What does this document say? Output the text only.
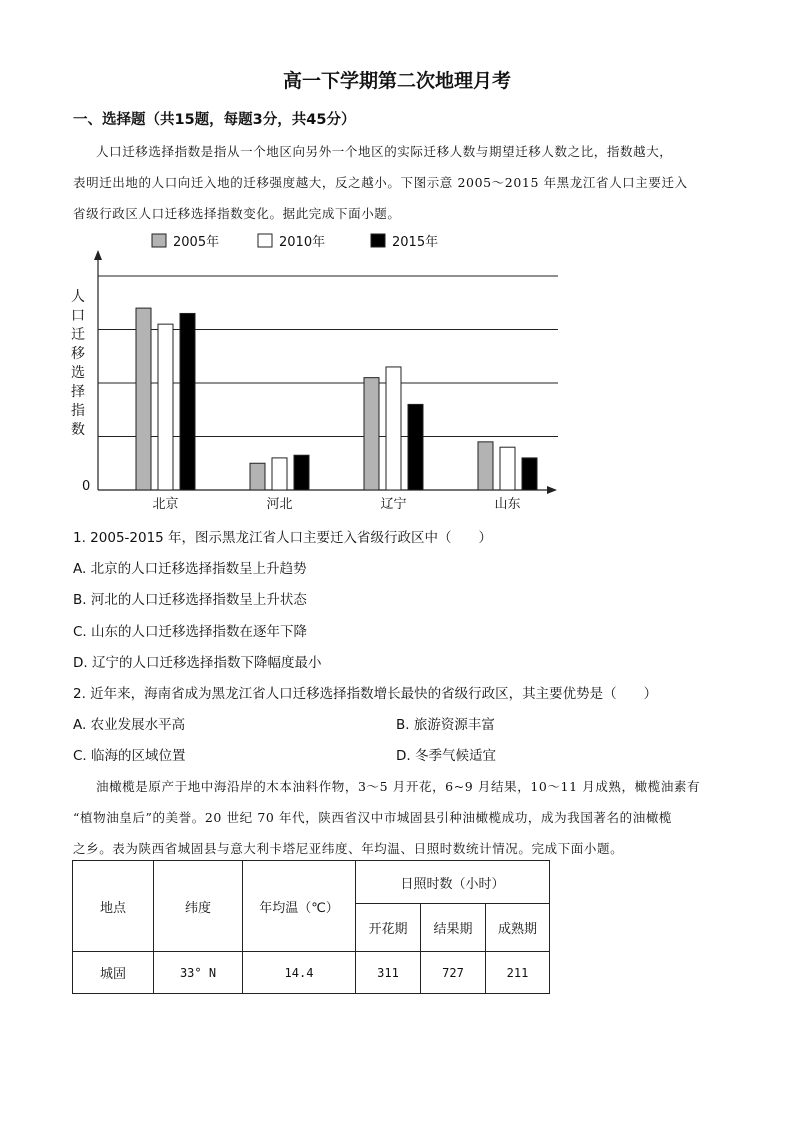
高一下学期第二次地理月考
一、选择题（共15题，每题3分，共45分）
人口迁移选择指数是指从一个地区向另外一个地区的实际迁移人数与期望迁移人数之比，指数越大，
表明迁出地的人口向迁入地的迁移强度越大，反之越小。下图示意 2005～2015 年黑龙江省人口主要迁入
省级行政区人口迁移选择指数变化。据此完成下面小题。
0
人
口
迁
移
选
择
指
数
2005年	2010年	2015年
北京	河北	辽宁	山东
1. 2005-2015 年，图示黑龙江省人口主要迁入省级行政区中（　　）
A. 北京的人口迁移选择指数呈上升趋势
B. 河北的人口迁移选择指数呈上升状态
C. 山东的人口迁移选择指数在逐年下降
D. 辽宁的人口迁移选择指数下降幅度最小
2. 近年来，海南省成为黑龙江省人口迁移选择指数增长最快的省级行政区，其主要优势是（　　）
A. 农业发展水平高	B. 旅游资源丰富
C. 临海的区域位置	D. 冬季气候适宜
油橄榄是原产于地中海沿岸的木本油料作物，3～5 月开花，6~9 月结果，10～11 月成熟，橄榄油素有
“植物油皇后”的美誉。20 世纪 70 年代，陕西省汉中市城固县引种油橄榄成功，成为我国著名的油橄榄
之乡。表为陕西省城固县与意大利卡塔尼亚纬度、年均温、日照时数统计情况。完成下面小题。
地点	纬度	年均温（℃）	日照时数（小时）		
			开花期	结果期	成熟期
城固	33° N	14.4	311	727	211
